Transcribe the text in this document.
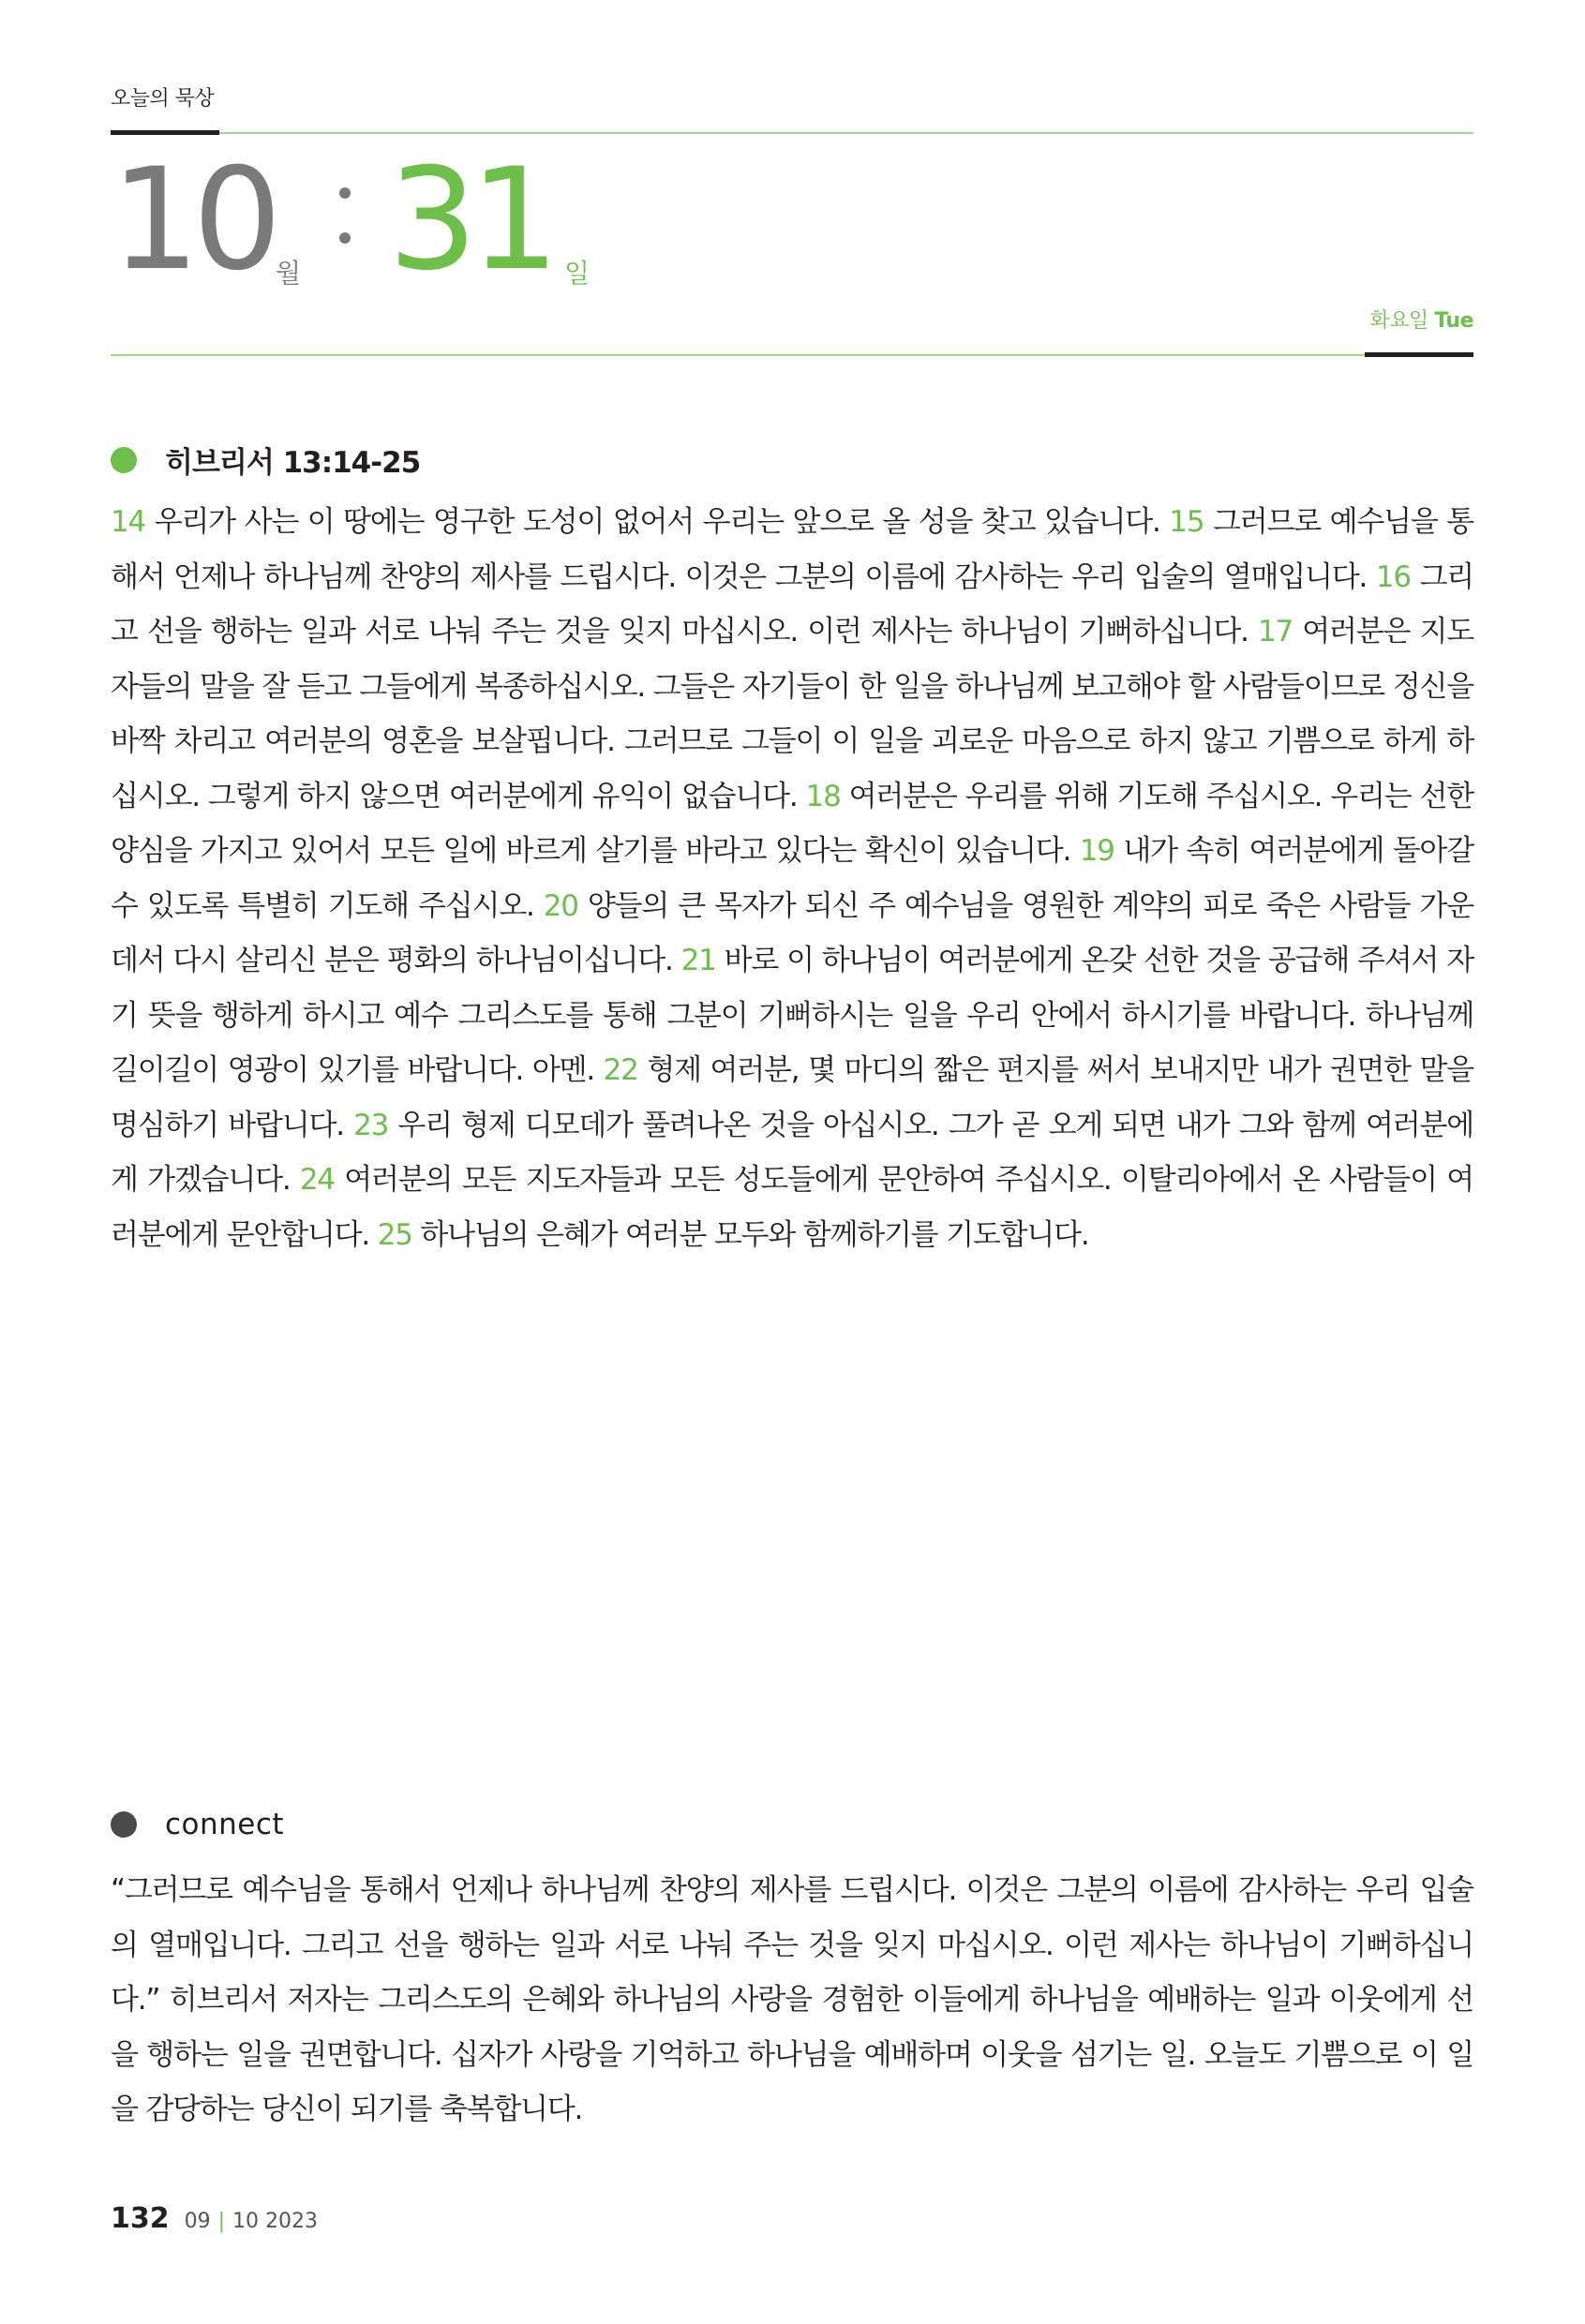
오늘의 묵상
10 월 31 일
화요일 Tue
히브리서 13:14-25
14 우리가 사는 이 땅에는 영구한 도성이 없어서 우리는 앞으로 올 성을 찾고 있습니다. 15 그러므로 예수님을 통해서 언제나 하나님께 찬양의 제사를 드립시다. 이것은 그분의 이름에 감사하는 우리 입술의 열매입니다. 16 그리고 선을 행하는 일과 서로 나눠 주는 것을 잊지 마십시오. 이런 제사는 하나님이 기뻐하십니다. 17 여러분은 지도자들의 말을 잘 듣고 그들에게 복종하십시오. 그들은 자기들이 한 일을 하나님께 보고해야 할 사람들이므로 정신을 바짝 차리고 여러분의 영혼을 보살핍니다. 그러므로 그들이 이 일을 괴로운 마음으로 하지 않고 기쁨으로 하게 하십시오. 그렇게 하지 않으면 여러분에게 유익이 없습니다. 18 여러분은 우리를 위해 기도해 주십시오. 우리는 선한 양심을 가지고 있어서 모든 일에 바르게 살기를 바라고 있다는 확신이 있습니다. 19 내가 속히 여러분에게 돌아갈 수 있도록 특별히 기도해 주십시오. 20 양들의 큰 목자가 되신 주 예수님을 영원한 계약의 피로 죽은 사람들 가운데서 다시 살리신 분은 평화의 하나님이십니다. 21 바로 이 하나님이 여러분에게 온갖 선한 것을 공급해 주셔서 자기 뜻을 행하게 하시고 예수 그리스도를 통해 그분이 기뻐하시는 일을 우리 안에서 하시기를 바랍니다. 하나님께 길이길이 영광이 있기를 바랍니다. 아멘. 22 형제 여러분, 몇 마디의 짧은 편지를 써서 보내지만 내가 권면한 말을 명심하기 바랍니다. 23 우리 형제 디모데가 풀려나온 것을 아십시오. 그가 곧 오게 되면 내가 그와 함께 여러분에게 가겠습니다. 24 여러분의 모든 지도자들과 모든 성도들에게 문안하여 주십시오. 이탈리아에서 온 사람들이 여러분에게 문안합니다. 25 하나님의 은혜가 여러분 모두와 함께하기를 기도합니다.
connect
“그러므로 예수님을 통해서 언제나 하나님께 찬양의 제사를 드립시다. 이것은 그분의 이름에 감사하는 우리 입술의 열매입니다. 그리고 선을 행하는 일과 서로 나눠 주는 것을 잊지 마십시오. 이런 제사는 하나님이 기뻐하십니다.” 히브리서 저자는 그리스도의 은혜와 하나님의 사랑을 경험한 이들에게 하나님을 예배하는 일과 이웃에게 선을 행하는 일을 권면합니다. 십자가 사랑을 기억하고 하나님을 예배하며 이웃을 섬기는 일. 오늘도 기쁨으로 이 일을 감당하는 당신이 되기를 축복합니다.
132 09 | 10 2023
